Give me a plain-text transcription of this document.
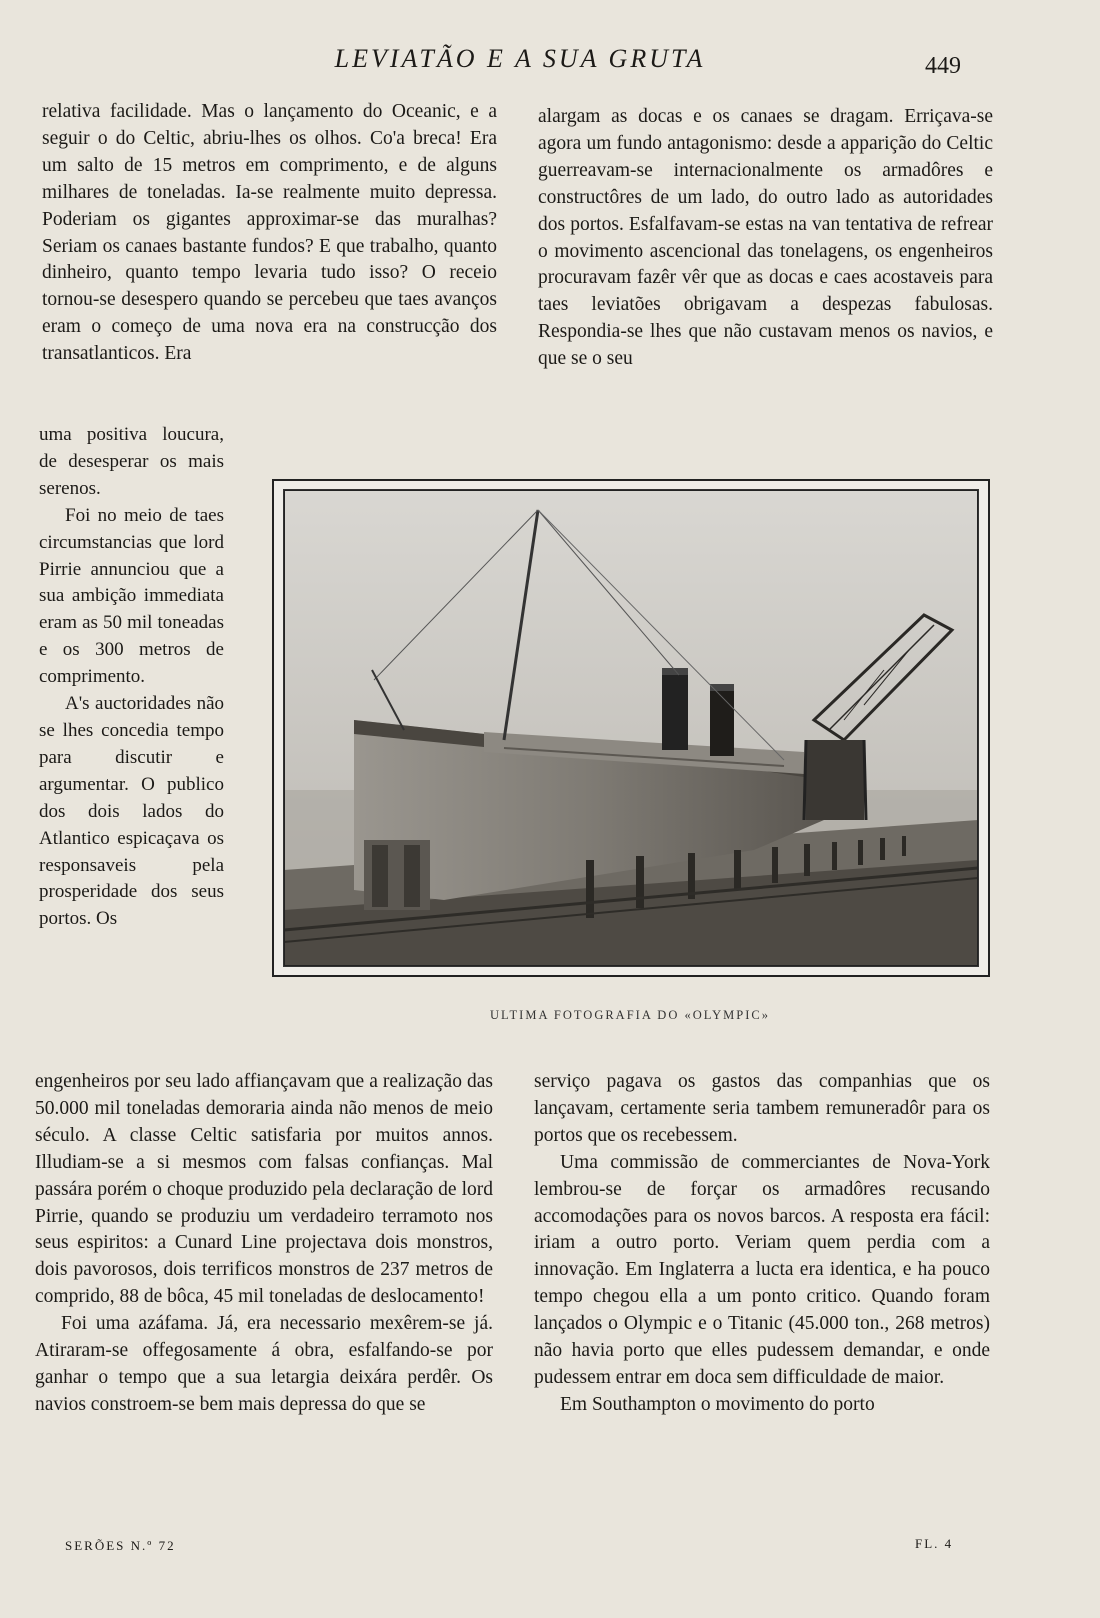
LEVIATÃO E A SUA GRUTA	449

relativa facilidade. Mas o lançamento do Oceanic, e a seguir o do Celtic, abriu-lhes os olhos. Co'a breca! Era um salto de 15 metros em comprimento, e de alguns milhares de toneladas. Ia-se realmente muito depressa. Poderiam os gigantes approximar-se das muralhas? Seriam os canaes bastante fundos? E que trabalho, quanto dinheiro, quanto tempo levaria tudo isso? O receio tornou-se desespero quando se percebeu que taes avanços eram o começo de uma nova era na construcção dos transatlanticos. Era

uma positiva loucura, de desesperar os mais serenos.

Foi no meio de taes circumstancias que lord Pirrie annunciou que a sua ambição immediata eram as 50 mil toneadas e os 300 metros de comprimento.

A's auctoridades não se lhes concedia tempo para discutir e argumentar. O publico dos dois lados do Atlantico espicaçava os responsaveis pela prosperidade dos seus portos. Os

engenheiros por seu lado affiançavam que a realização das 50.000 mil toneladas demoraria ainda não menos de meio século. A classe Celtic satisfaria por muitos annos. Illudiam-se a si mesmos com falsas confianças. Mal passára porém o choque produzido pela declaração de lord Pirrie, quando se produziu um verdadeiro terramoto nos seus espiritos: a Cunard Line projectava dois monstros, dois pavorosos, dois terrificos monstros de 237 metros de comprido, 88 de bôca, 45 mil toneladas de deslocamento!

Foi uma azáfama. Já, era necessario mexêrem-se já. Atiraram-se offegosamente á obra, esfalfando-se por ganhar o tempo que a sua letargia deixára perdêr. Os navios constroem-se bem mais depressa do que se

alargam as docas e os canaes se dragam. Erriçava-se agora um fundo antagonismo: desde a apparição do Celtic guerreavam-se internacionalmente os armadôres e constructôres de um lado, do outro lado as autoridades dos portos. Esfalfavam-se estas na van tentativa de refrear o movimento ascencional das tonelagens, os engenheiros procuravam fazêr vêr que as docas e caes acostaveis para taes leviatões obrigavam a despezas fabulosas. Respondia-se lhes que não custavam menos os navios, e que se o seu

serviço pagava os gastos das companhias que os lançavam, certamente seria tambem remuneradôr para os portos que os recebessem.

Uma commissão de commerciantes de Nova-York lembrou-se de forçar os armadôres recusando accomodações para os novos barcos. A resposta era fácil: iriam a outro porto. Veriam quem perdia com a innovação. Em Inglaterra a lucta era identica, e ha pouco tempo chegou ella a um ponto critico. Quando foram lançados o Olympic e o Titanic (45.000 ton., 268 metros) não havia porto que elles pudessem demandar, e onde pudessem entrar em doca sem difficuldade de maior.

Em Southampton o movimento do porto

ULTIMA FOTOGRAFIA DO «OLYMPIC»
SERÕES N.º 72	FL. 4
